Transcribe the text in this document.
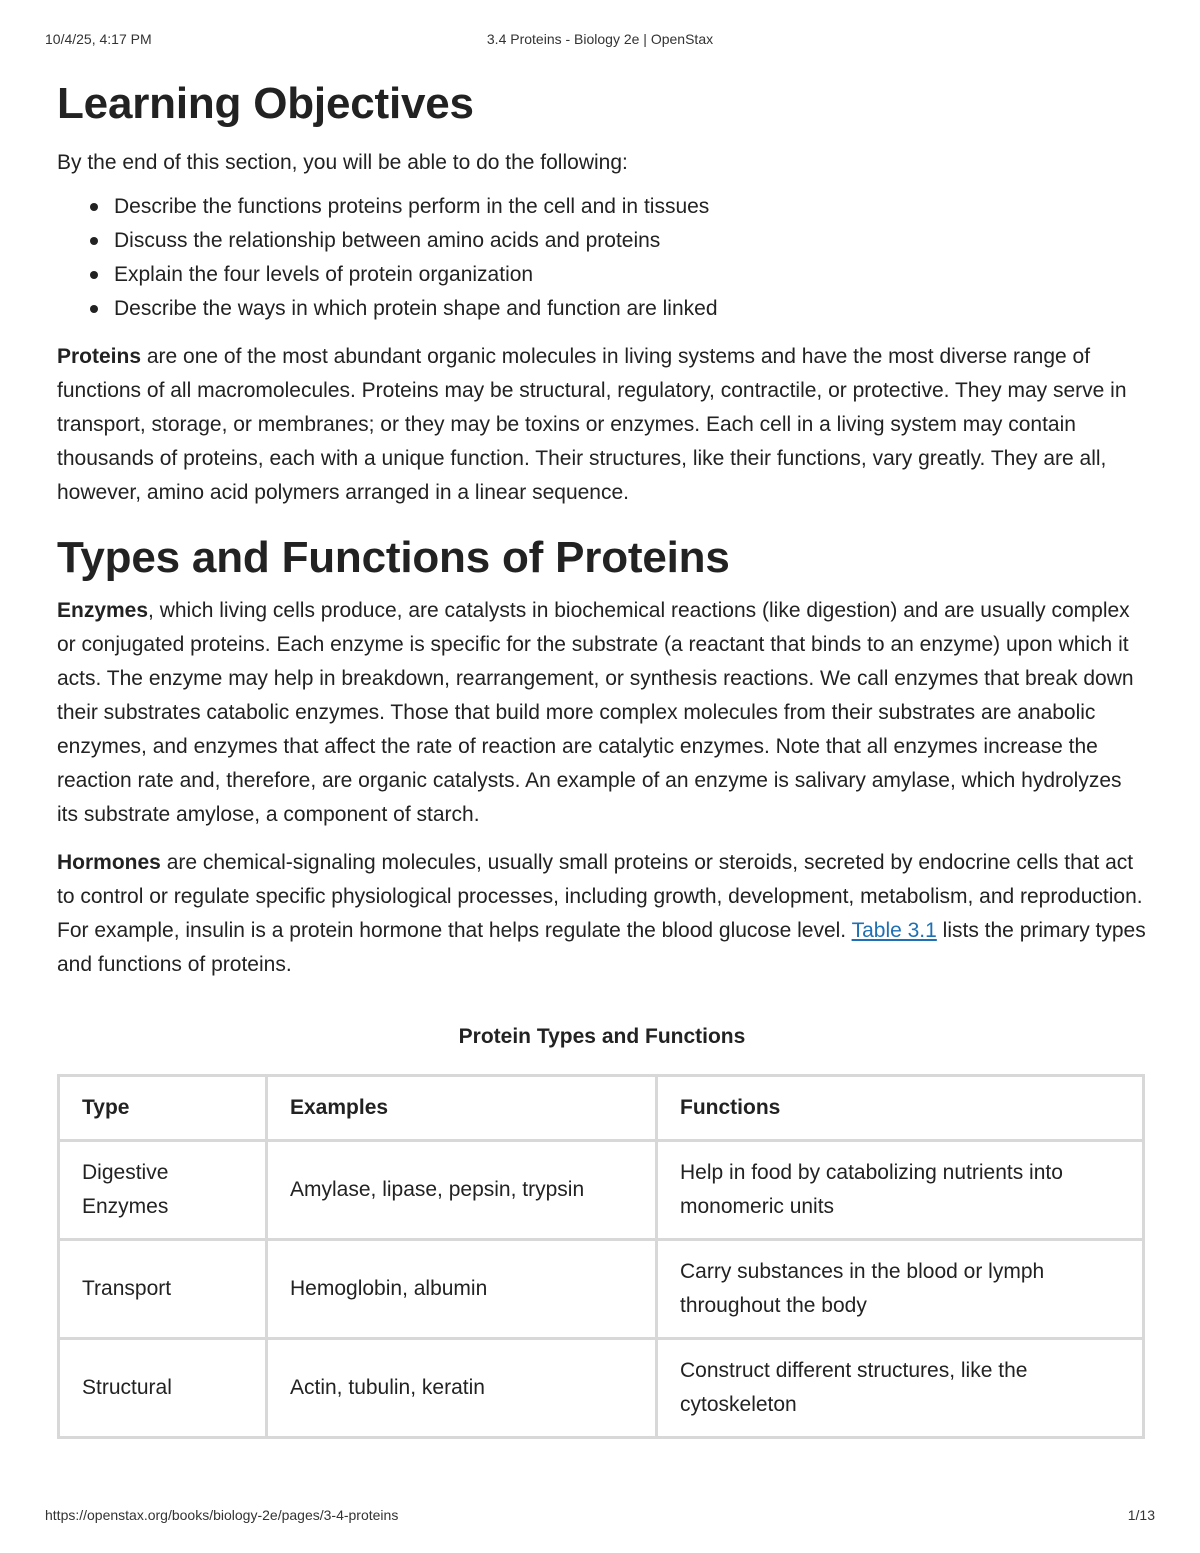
10/4/25, 4:17 PM	3.4 Proteins - Biology 2e | OpenStax
Learning Objectives
By the end of this section, you will be able to do the following:
Describe the functions proteins perform in the cell and in tissues
Discuss the relationship between amino acids and proteins
Explain the four levels of protein organization
Describe the ways in which protein shape and function are linked

Proteins are one of the most abundant organic molecules in living systems and have the most diverse range of functions of all macromolecules. Proteins may be structural, regulatory, contractile, or protective. They may serve in transport, storage, or membranes; or they may be toxins or enzymes. Each cell in a living system may contain thousands of proteins, each with a unique function. Their structures, like their functions, vary greatly. They are all, however, amino acid polymers arranged in a linear sequence.

Types and Functions of Proteins

Enzymes, which living cells produce, are catalysts in biochemical reactions (like digestion) and are usually complex or conjugated proteins. Each enzyme is specific for the substrate (a reactant that binds to an enzyme) upon which it acts. The enzyme may help in breakdown, rearrangement, or synthesis reactions. We call enzymes that break down their substrates catabolic enzymes. Those that build more complex molecules from their substrates are anabolic enzymes, and enzymes that affect the rate of reaction are catalytic enzymes. Note that all enzymes increase the reaction rate and, therefore, are organic catalysts. An example of an enzyme is salivary amylase, which hydrolyzes its substrate amylose, a component of starch.

Hormones are chemical-signaling molecules, usually small proteins or steroids, secreted by endocrine cells that act to control or regulate specific physiological processes, including growth, development, metabolism, and reproduction. For example, insulin is a protein hormone that helps regulate the blood glucose level. Table 3.1 lists the primary types and functions of proteins.

Protein Types and Functions
Type	Examples	Functions
Digestive Enzymes	Amylase, lipase, pepsin, trypsin	Help in food by catabolizing nutrients into monomeric units
Transport	Hemoglobin, albumin	Carry substances in the blood or lymph throughout the body
Structural	Actin, tubulin, keratin	Construct different structures, like the cytoskeleton
https://openstax.org/books/biology-2e/pages/3-4-proteins	1/13
